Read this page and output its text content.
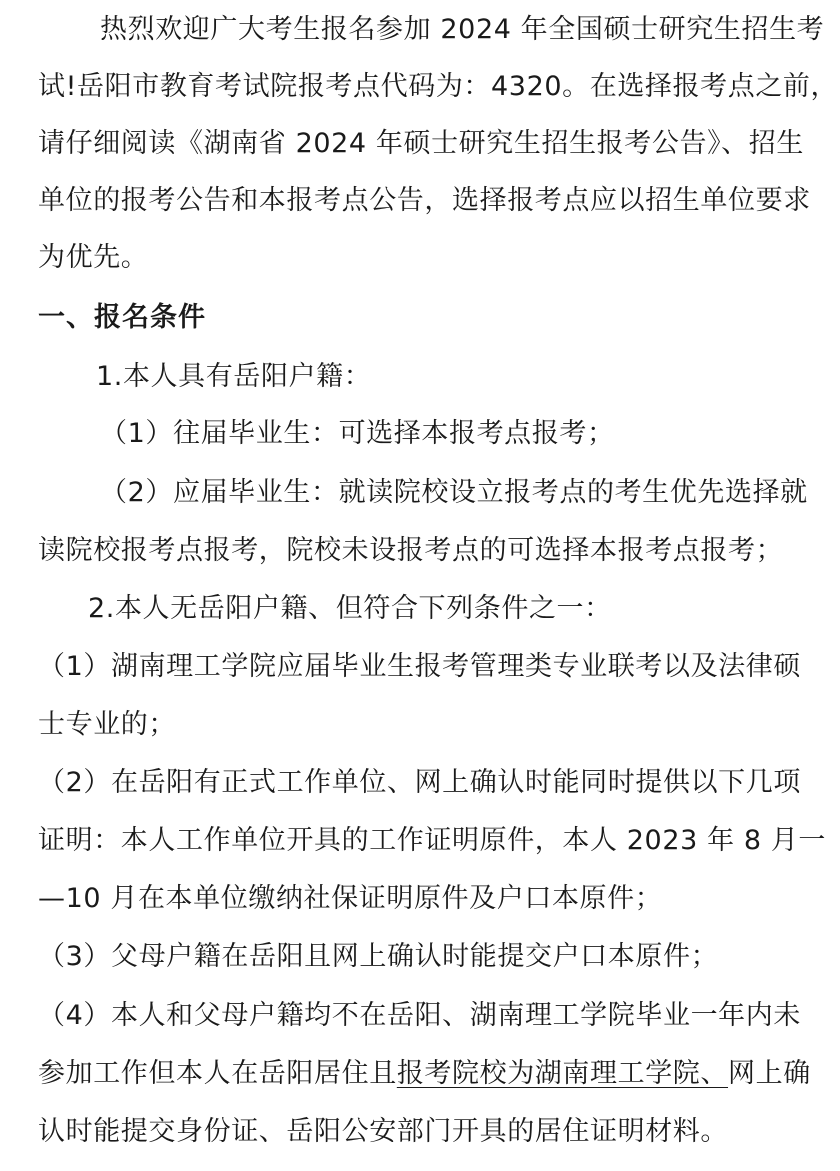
热烈欢迎广大考生报名参加 2024 年全国硕士研究生招生考
试!岳阳市教育考试院报考点代码为：4320。在选择报考点之前，
请仔细阅读《湖南省 2024 年硕士研究生招生报考公告》、招生
单位的报考公告和本报考点公告，选择报考点应以招生单位要求
为优先。
一、报名条件
1.本人具有岳阳户籍：
（1）往届毕业生：可选择本报考点报考；
（2）应届毕业生：就读院校设立报考点的考生优先选择就
读院校报考点报考，院校未设报考点的可选择本报考点报考；
2.本人无岳阳户籍、但符合下列条件之一：
（1）湖南理工学院应届毕业生报考管理类专业联考以及法律硕
士专业的；
（2）在岳阳有正式工作单位、网上确认时能同时提供以下几项
证明：本人工作单位开具的工作证明原件，本人 2023 年 8 月一
—10 月在本单位缴纳社保证明原件及户口本原件；
（3）父母户籍在岳阳且网上确认时能提交户口本原件；
（4）本人和父母户籍均不在岳阳、湖南理工学院毕业一年内未
参加工作但本人在岳阳居住且报考院校为湖南理工学院、网上确
认时能提交身份证、岳阳公安部门开具的居住证明材料。
